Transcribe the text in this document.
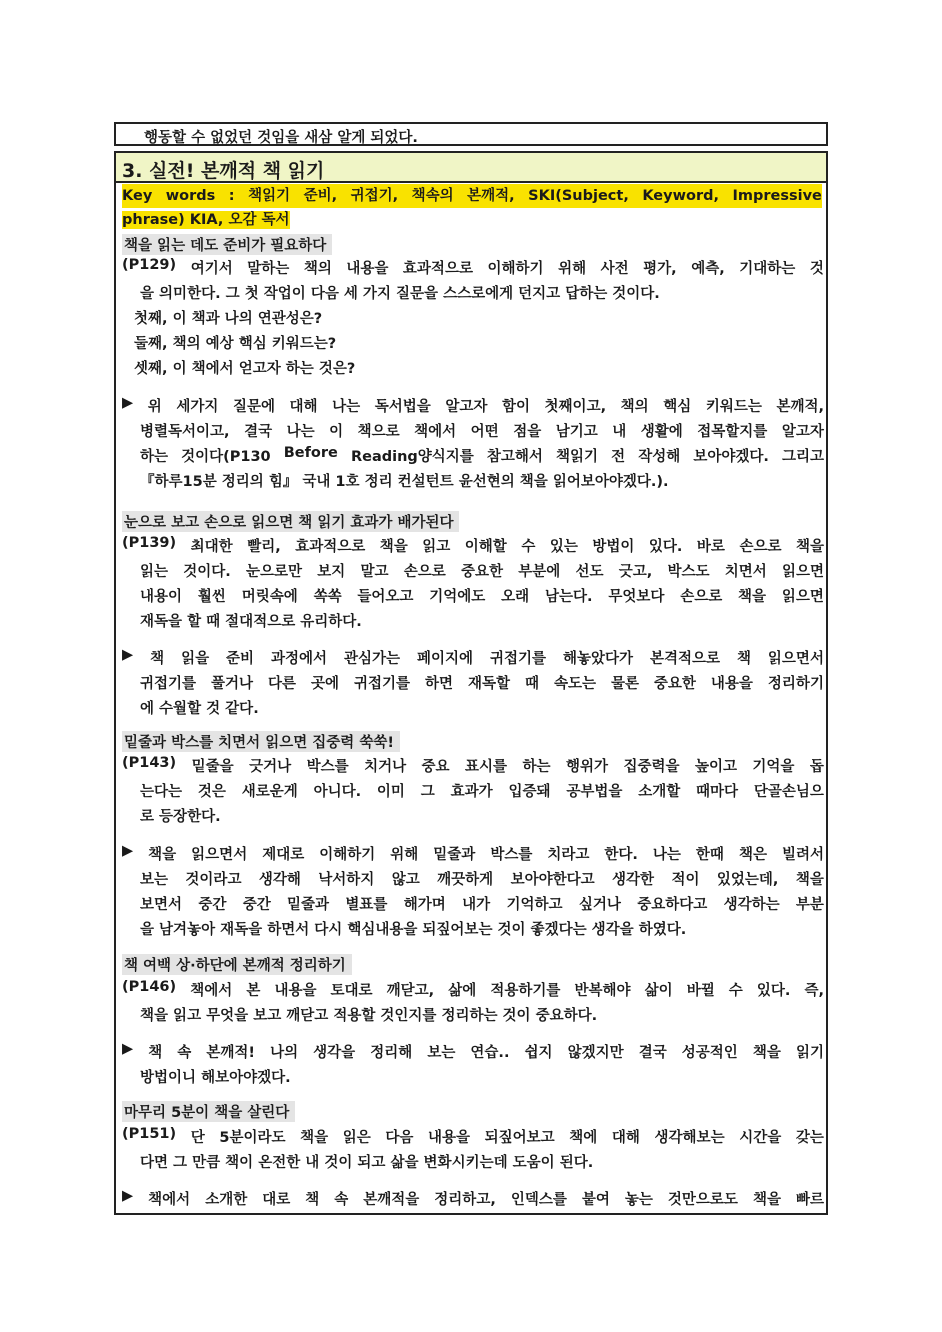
행동할 수 없었던 것임을 새삼 알게 되었다.
3. 실전! 본깨적 책 읽기
Key words : 책읽기 준비, 귀접기, 책속의 본깨적, SKI(Subject, Keyword, Impressive
phrase) KIA, 오감 독서
책을 읽는 데도 준비가 필요하다
(P129) 여기서 말하는 책의 내용을 효과적으로 이해하기 위해 사전 평가, 예측, 기대하는 것
을 의미한다. 그 첫 작업이 다음 세 가지 질문을 스스로에게 던지고 답하는 것이다.
첫째, 이 책과 나의 연관성은?
둘째, 책의 예상 핵심 키워드는?
셋째, 이 책에서 얻고자 하는 것은?
▶ 위 세가지 질문에 대해 나는 독서법을 알고자 함이 첫째이고, 책의 핵심 키워드는 본깨적,
병렬독서이고, 결국 나는 이 책으로 책에서 어떤 점을 남기고 내 생활에 접목할지를 알고자
하는 것이다(P130 Before Reading양식지를 참고해서 책읽기 전 작성해 보아야겠다. 그리고
『하루15분 정리의 힘』 국내 1호 정리 컨설턴트 윤선현의 책을 읽어보아야겠다.).
눈으로 보고 손으로 읽으면 책 읽기 효과가 배가된다
(P139) 최대한 빨리, 효과적으로 책을 읽고 이해할 수 있는 방법이 있다. 바로 손으로 책을
읽는 것이다. 눈으로만 보지 말고 손으로 중요한 부분에 선도 긋고, 박스도 치면서 읽으면
내용이 훨씬 머릿속에 쏙쏙 들어오고 기억에도 오래 남는다. 무엇보다 손으로 책을 읽으면
재독을 할 때 절대적으로 유리하다.
▶ 책 읽을 준비 과정에서 관심가는 페이지에 귀접기를 해놓았다가 본격적으로 책 읽으면서
귀접기를 풀거나 다른 곳에 귀접기를 하면 재독할 때 속도는 물론 중요한 내용을 정리하기
에 수월할 것 같다.
밑줄과 박스를 치면서 읽으면 집중력 쑥쑥!
(P143) 밑줄을 긋거나 박스를 치거나 중요 표시를 하는 행위가 집중력을 높이고 기억을 돕
는다는 것은 새로운게 아니다. 이미 그 효과가 입증돼 공부법을 소개할 때마다 단골손님으
로 등장한다.
▶ 책을 읽으면서 제대로 이해하기 위해 밑줄과 박스를 치라고 한다. 나는 한때 책은 빌려서
보는 것이라고 생각해 낙서하지 않고 깨끗하게 보아야한다고 생각한 적이 있었는데, 책을
보면서 중간 중간 밑줄과 별표를 해가며 내가 기억하고 싶거나 중요하다고 생각하는 부분
을 남겨놓아 재독을 하면서 다시 핵심내용을 되짚어보는 것이 좋겠다는 생각을 하였다.
책 여백 상·하단에 본깨적 정리하기
(P146) 책에서 본 내용을 토대로 깨닫고, 삶에 적용하기를 반복해야 삶이 바뀔 수 있다. 즉,
책을 읽고 무엇을 보고 깨닫고 적용할 것인지를 정리하는 것이 중요하다.
▶ 책 속 본깨적! 나의 생각을 정리해 보는 연습.. 쉽지 않겠지만 결국 성공적인 책을 읽기
방법이니 해보아야겠다.
마무리 5분이 책을 살린다
(P151) 단 5분이라도 책을 읽은 다음 내용을 되짚어보고 책에 대해 생각해보는 시간을 갖는
다면 그 만큼 책이 온전한 내 것이 되고 삶을 변화시키는데 도움이 된다.
▶ 책에서 소개한 대로 책 속 본깨적을 정리하고, 인덱스를 붙여 놓는 것만으로도 책을 빠르
